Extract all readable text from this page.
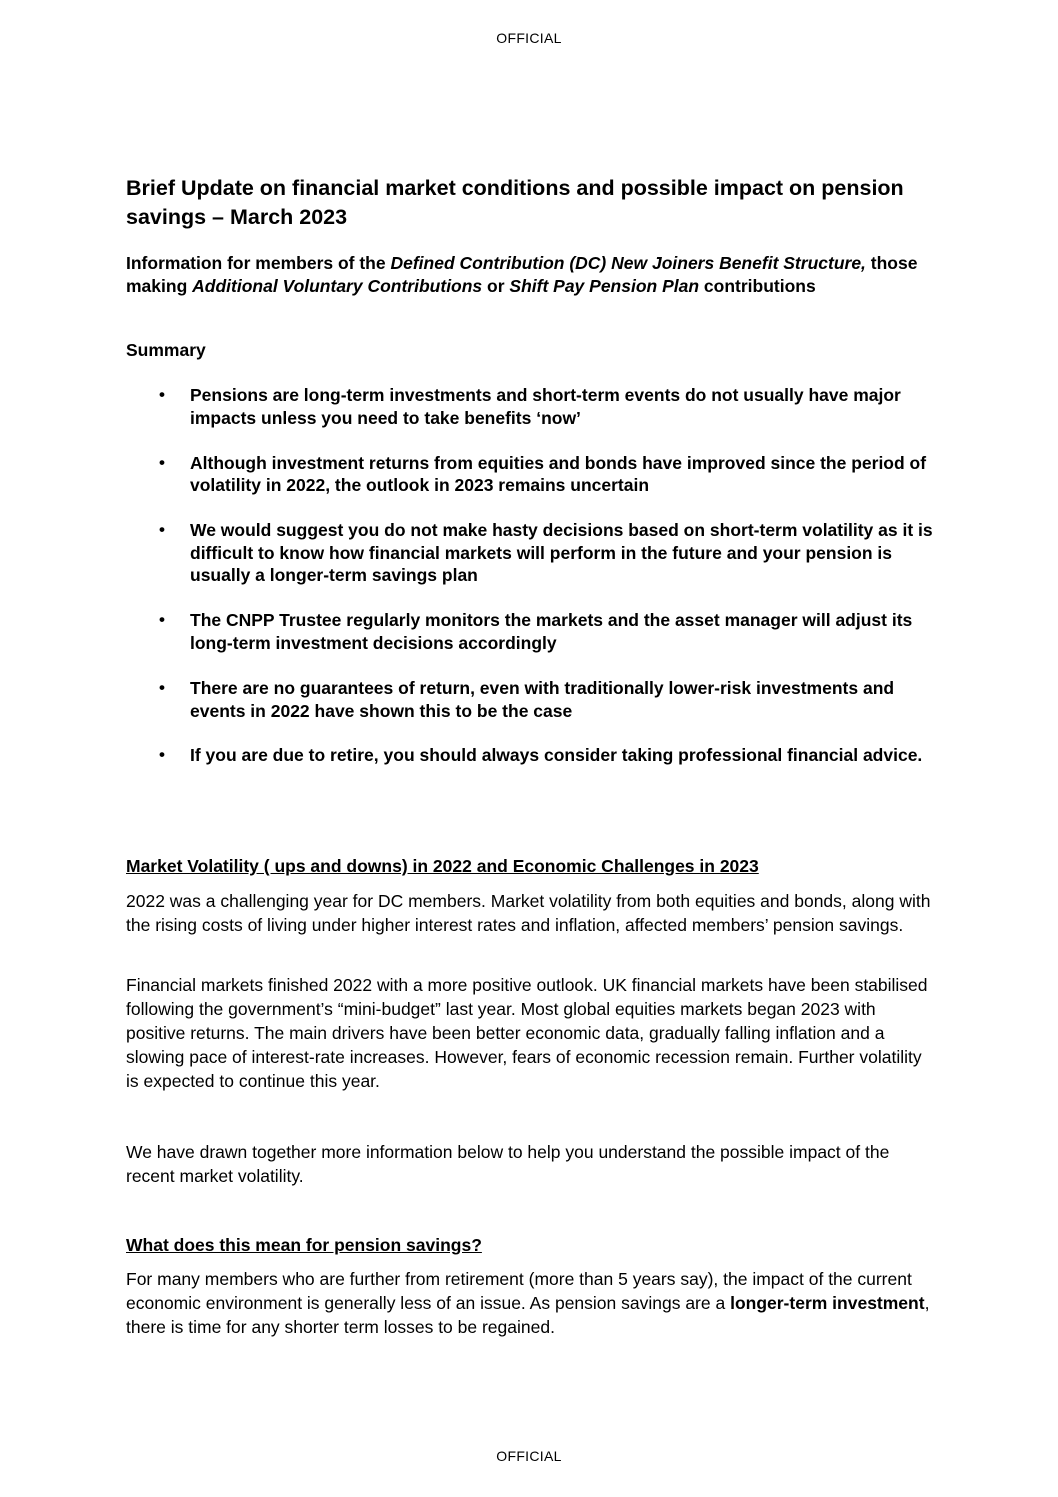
OFFICIAL
Brief Update on financial market conditions and possible impact on pension savings – March 2023

Information for members of the Defined Contribution (DC) New Joiners Benefit Structure, those making Additional Voluntary Contributions or Shift Pay Pension Plan contributions

Summary

• Pensions are long-term investments and short-term events do not usually have major impacts unless you need to take benefits ‘now’
• Although investment returns from equities and bonds have improved since the period of volatility in 2022, the outlook in 2023 remains uncertain
• We would suggest you do not make hasty decisions based on short-term volatility as it is difficult to know how financial markets will perform in the future and your pension is usually a longer-term savings plan
• The CNPP Trustee regularly monitors the markets and the asset manager will adjust its long-term investment decisions accordingly
• There are no guarantees of return, even with traditionally lower-risk investments and events in 2022 have shown this to be the case
• If you are due to retire, you should always consider taking professional financial advice.

Market Volatility ( ups and downs) in 2022 and Economic Challenges in 2023

2022 was a challenging year for DC members. Market volatility from both equities and bonds, along with the rising costs of living under higher interest rates and inflation, affected members’ pension savings.

Financial markets finished 2022 with a more positive outlook. UK financial markets have been stabilised following the government’s “mini-budget” last year. Most global equities markets began 2023 with positive returns. The main drivers have been better economic data, gradually falling inflation and a slowing pace of interest-rate increases. However, fears of economic recession remain. Further volatility is expected to continue this year.

We have drawn together more information below to help you understand the possible impact of the recent market volatility.

What does this mean for pension savings?

For many members who are further from retirement (more than 5 years say), the impact of the current economic environment is generally less of an issue. As pension savings are a longer-term investment, there is time for any shorter term losses to be regained.

OFFICIAL
